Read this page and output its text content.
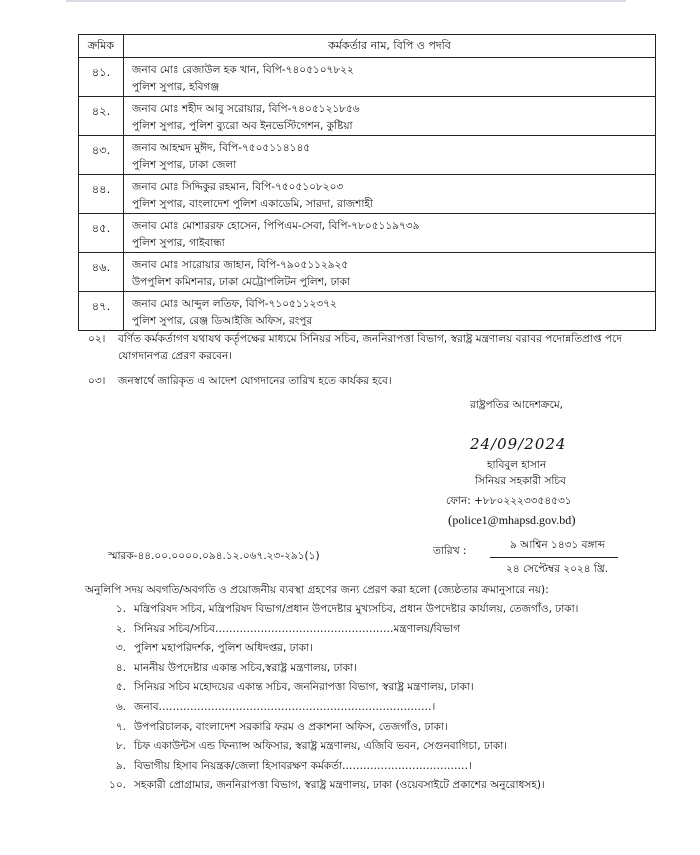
ক্রমিক	কর্মকর্তার নাম, বিপি ও পদবি
৪১.	জনাব মোঃ রেজাউল হক খান, বিপি-৭৪০৫১০৭৮২২
পুলিশ সুপার, হবিগঞ্জ

৪২.	জনাব মোঃ শহীদ আবু সরোয়ার, বিপি-৭৪০৫১২১৮৫৬
পুলিশ সুপার, পুলিশ ব্যুরো অব ইনভেস্টিগেশন, কুষ্টিয়া

৪৩.	জনাব আহম্মদ মুঈদ, বিপি-৭৫০৫১১৪১৪৫
পুলিশ সুপার, ঢাকা জেলা

৪৪.	জনাব মোঃ সিদ্দিকুর রহমান, বিপি-৭৫০৫১০৮২০৩
পুলিশ সুপার, বাংলাদেশ পুলিশ একাডেমি, সারদা, রাজশাহী

৪৫.	জনাব মোঃ মোশাররফ হোসেন, পিপিএম-সেবা, বিপি-৭৮০৫১১৯৭৩৯
পুলিশ সুপার, গাইবান্ধা

৪৬.	জনাব মোঃ সারোয়ার জাহান, বিপি-৭৯০৫১১২৯২৫
উপপুলিশ কমিশনার, ঢাকা মেট্রোপলিটন পুলিশ, ঢাকা

৪৭.	জনাব মোঃ আব্দুল লতিফ, বিপি-৭১০৫১১২৩৭২
পুলিশ সুপার, রেঞ্জ ডিআইজি অফিস, রংপুর
০২। বর্ণিত কর্মকর্তাগণ যথাযথ কর্তৃপক্ষের মাধ্যমে সিনিয়র সচিব, জননিরাপত্তা বিভাগ, স্বরাষ্ট্র মন্ত্রণালয় বরাবর পদোন্নতিপ্রাপ্ত পদে
যোগদানপত্র প্রেরণ করবেন।
০৩। জনস্বার্থে জারিকৃত এ আদেশ যোগদানের তারিখ হতে কার্যকর হবে।
রাষ্ট্রপতির আদেশক্রমে,
24/09/2024
হাবিবুল হাসান
সিনিয়র সহকারী সচিব
ফোন: +৮৮০২২২৩৩৫৪৫৩১
(police1@mhapsd.gov.bd)
স্মারক-৪৪.০০.০০০০.০৯৪.১২.০৬৭.২৩-২৯১(১)	তারিখ :	৯ আশ্বিন ১৪৩১ বঙ্গাব্দ
২৪ সেপ্টেম্বর ২০২৪ খ্রি.
অনুলিপি সদয় অবগতি/অবগতি ও প্রয়োজনীয় ব্যবস্থা গ্রহণের জন্য প্রেরণ করা হলো (জ্যেষ্ঠতার ক্রমানুসারে নয়):
১. মন্ত্রিপরিষদ সচিব, মন্ত্রিপরিষদ বিভাগ/প্রধান উপদেষ্টার মুখ্যসচিব, প্রধান উপদেষ্টার কার্যালয়, তেজগাঁও, ঢাকা।
২. সিনিয়র সচিব/সচিব……………………………………………মন্ত্রণালয়/বিভাগ
৩. পুলিশ মহাপরিদর্শক, পুলিশ অধিদপ্তর, ঢাকা।
৪. মাননীয় উপদেষ্টার একান্ত সচিব,স্বরাষ্ট্র মন্ত্রণালয়, ঢাকা।
৫. সিনিয়র সচিব মহোদয়ের একান্ত সচিব, জননিরাপত্তা বিভাগ, স্বরাষ্ট্র মন্ত্রণালয়, ঢাকা।
৬. জনাব……………………………………………………………………।
৭. উপপরিচালক, বাংলাদেশ সরকারি ফরম ও প্রকাশনা অফিস, তেজগাঁও, ঢাকা।
৮. চিফ একাউন্টস এন্ড ফিন্যান্স অফিসার, স্বরাষ্ট্র মন্ত্রণালয়, এজিবি ভবন, সেগুনবাগিচা, ঢাকা।
৯. বিভাগীয় হিসাব নিয়ন্ত্রক/জেলা হিসাবরক্ষণ কর্মকর্তা………………………………।
১০. সহকারী প্রোগ্রামার, জননিরাপত্তা বিভাগ, স্বরাষ্ট্র মন্ত্রণালয়, ঢাকা (ওয়েবসাইটে প্রকাশের অনুরোধসহ)।
